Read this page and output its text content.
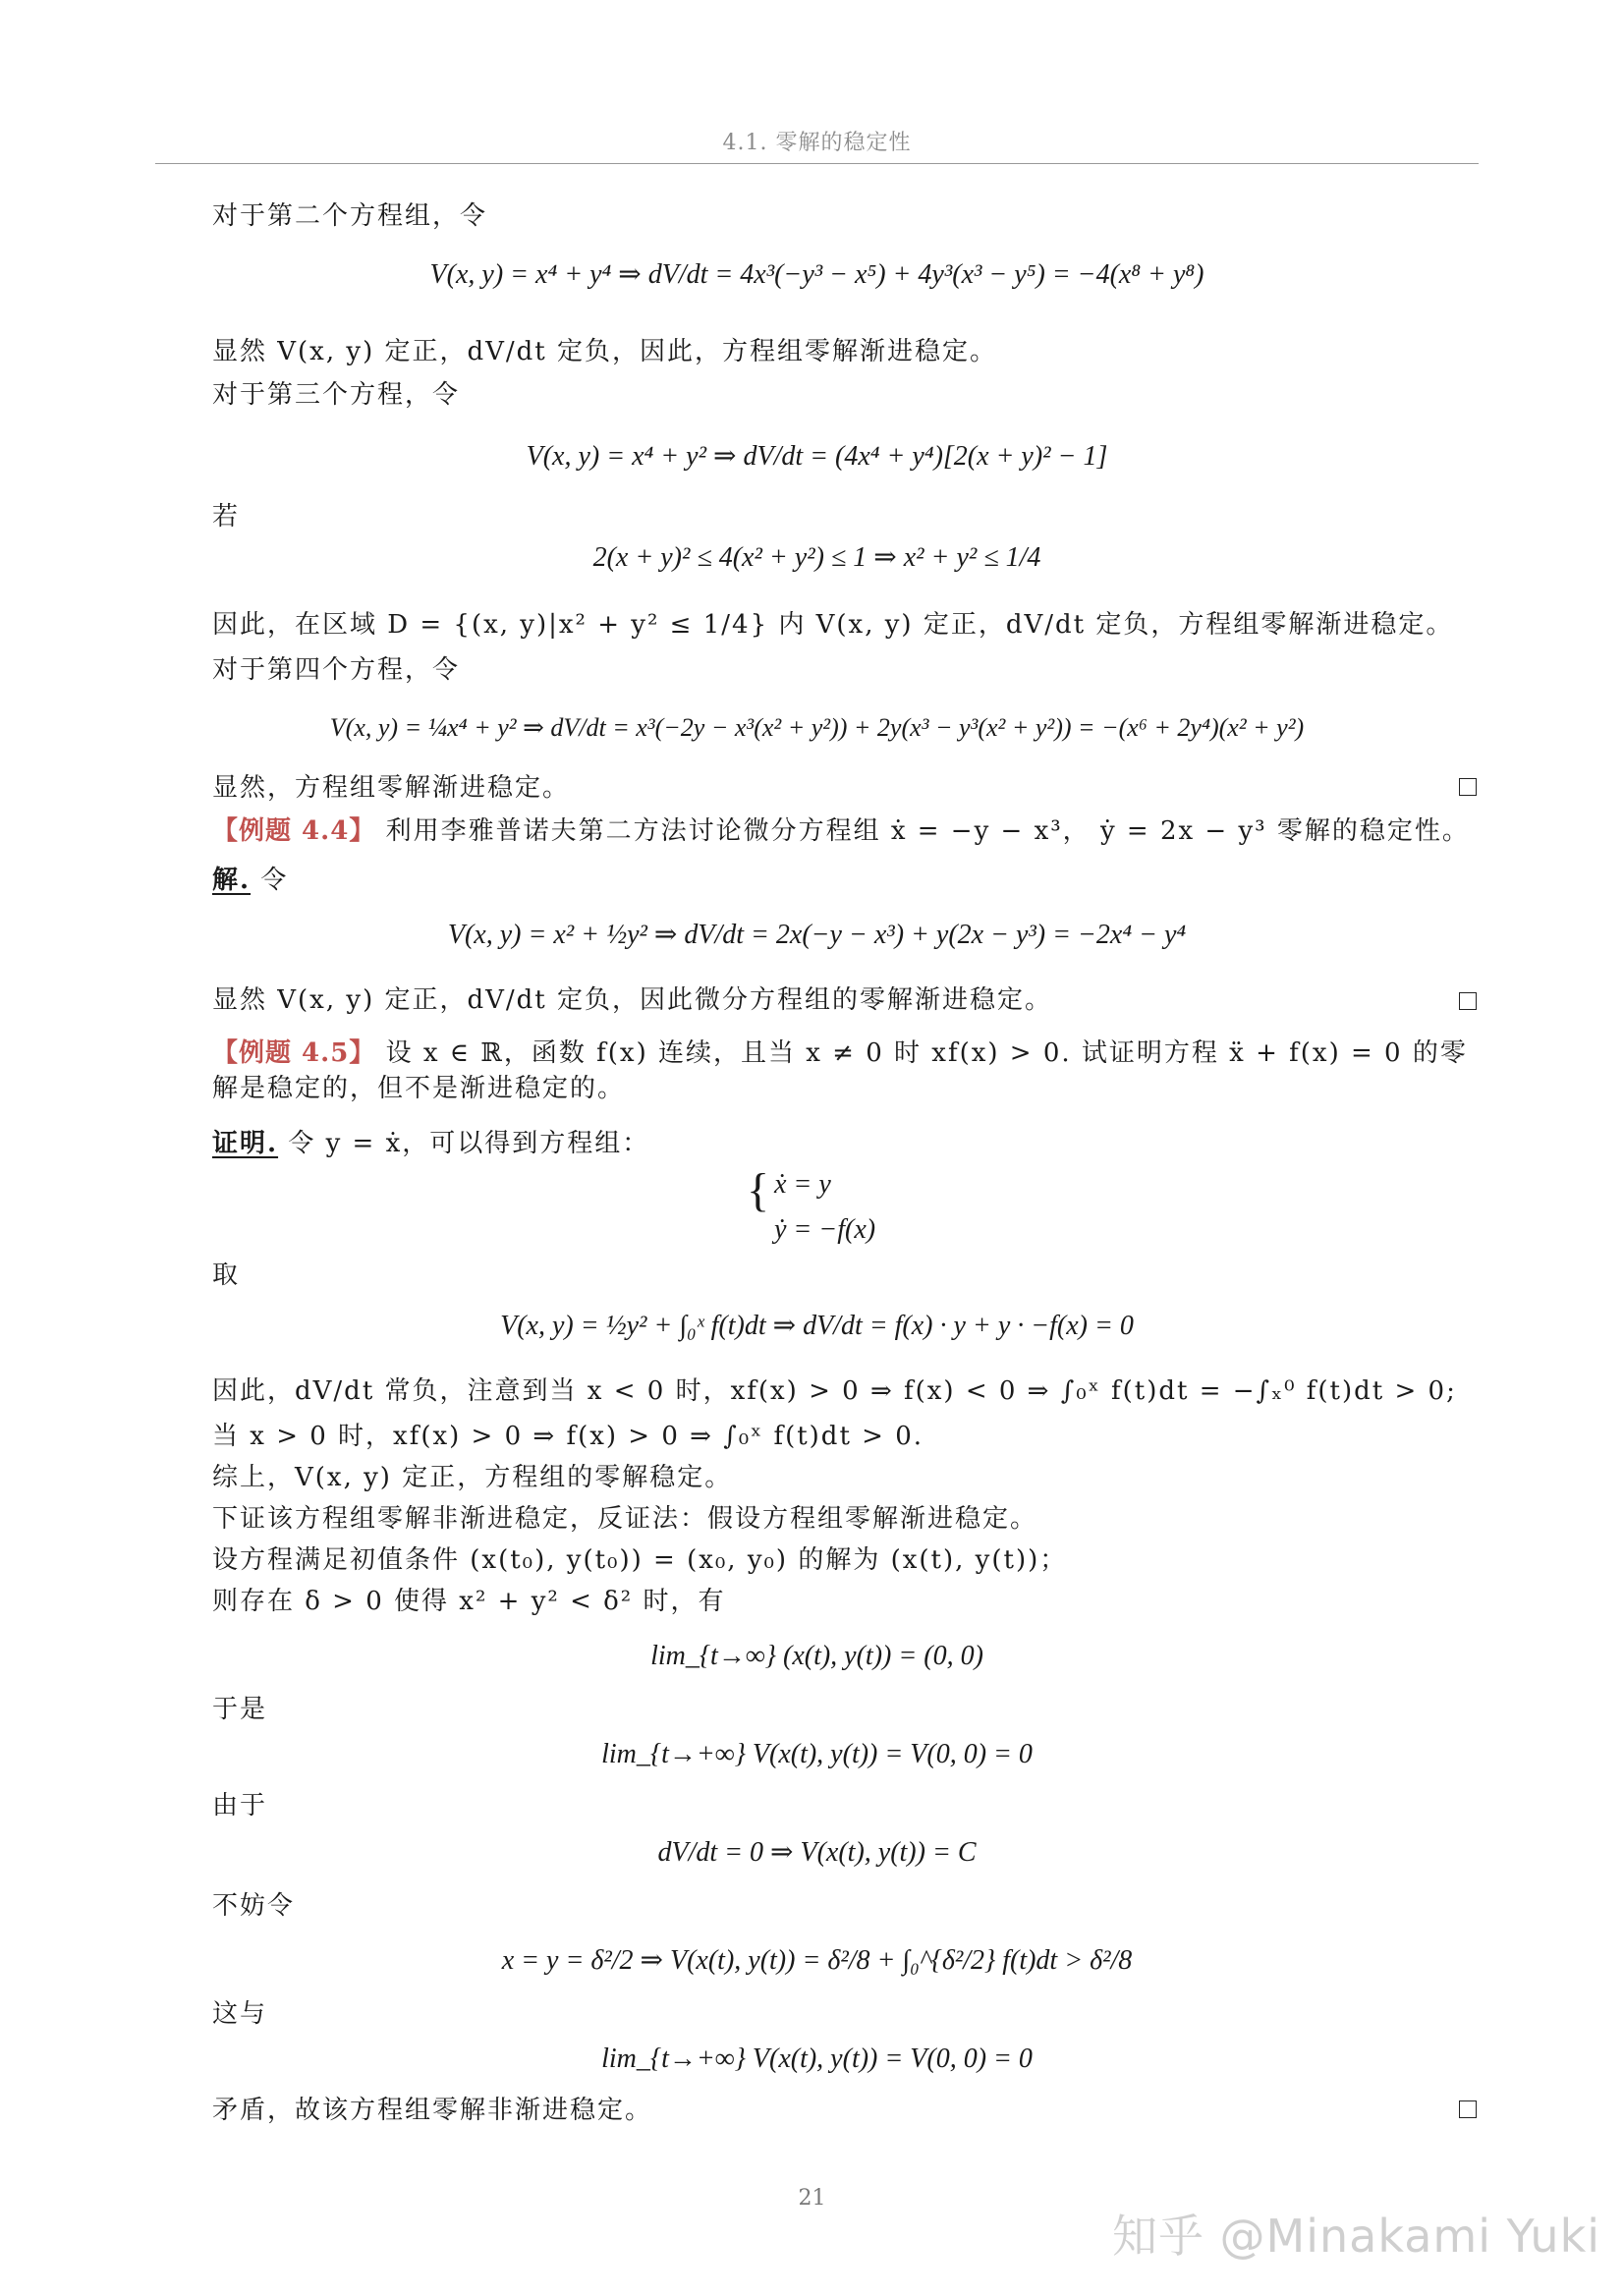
4.1. 零解的稳定性
对于第二个方程组，令
V(x, y) = x⁴ + y⁴ ⇒ dV/dt = 4x³(−y³ − x⁵) + 4y³(x³ − y⁵) = −4(x⁸ + y⁸)
显然 V(x, y) 定正，dV/dt 定负，因此，方程组零解渐进稳定。
对于第三个方程，令
V(x, y) = x⁴ + y² ⇒ dV/dt = (4x⁴ + y⁴)[2(x + y)² − 1]
若
2(x + y)² ≤ 4(x² + y²) ≤ 1 ⇒ x² + y² ≤ 1/4
因此，在区域 D = {(x, y)|x² + y² ≤ 1/4} 内 V(x, y) 定正，dV/dt 定负，方程组零解渐进稳定。
对于第四个方程，令
V(x, y) = ¼x⁴ + y² ⇒ dV/dt = x³(−2y − x³(x² + y²)) + 2y(x³ − y³(x² + y²)) = −(x⁶ + 2y⁴)(x² + y²)
显然，方程组零解渐进稳定。
【例题 4.4】 利用李雅普诺夫第二方法讨论微分方程组 ẋ = −y − x³， ẏ = 2x − y³ 零解的稳定性。
解. 令
V(x, y) = x² + ½y² ⇒ dV/dt = 2x(−y − x³) + y(2x − y³) = −2x⁴ − y⁴
显然 V(x, y) 定正，dV/dt 定负，因此微分方程组的零解渐进稳定。
【例题 4.5】 设 x ∈ ℝ，函数 f(x) 连续，且当 x ≠ 0 时 xf(x) > 0. 试证明方程 ẍ + f(x) = 0 的零解是稳定的，但不是渐进稳定的。
证明. 令 y = ẋ，可以得到方程组：
{ ẋ = y
ẏ = −f(x)
取
V(x, y) = ½y² + ∫₀ˣ f(t)dt ⇒ dV/dt = f(x) · y + y · −f(x) = 0
因此，dV/dt 常负，注意到当 x < 0 时，xf(x) > 0 ⇒ f(x) < 0 ⇒ ∫₀ˣ f(t)dt = −∫ₓ⁰ f(t)dt > 0;
当 x > 0 时，xf(x) > 0 ⇒ f(x) > 0 ⇒ ∫₀ˣ f(t)dt > 0.
综上，V(x, y) 定正，方程组的零解稳定。
下证该方程组零解非渐进稳定，反证法：假设方程组零解渐进稳定。
设方程满足初值条件 (x(t₀), y(t₀)) = (x₀, y₀) 的解为 (x(t), y(t))；
则存在 δ > 0 使得 x² + y² < δ² 时，有
lim_{t→∞} (x(t), y(t)) = (0, 0)
于是
lim_{t→+∞} V(x(t), y(t)) = V(0, 0) = 0
由于
dV/dt = 0 ⇒ V(x(t), y(t)) = C
不妨令
x = y = δ²/2 ⇒ V(x(t), y(t)) = δ²/8 + ∫₀^{δ²/2} f(t)dt > δ²/8
这与
lim_{t→+∞} V(x(t), y(t)) = V(0, 0) = 0
矛盾，故该方程组零解非渐进稳定。
21
知乎 @Minakami Yuki
